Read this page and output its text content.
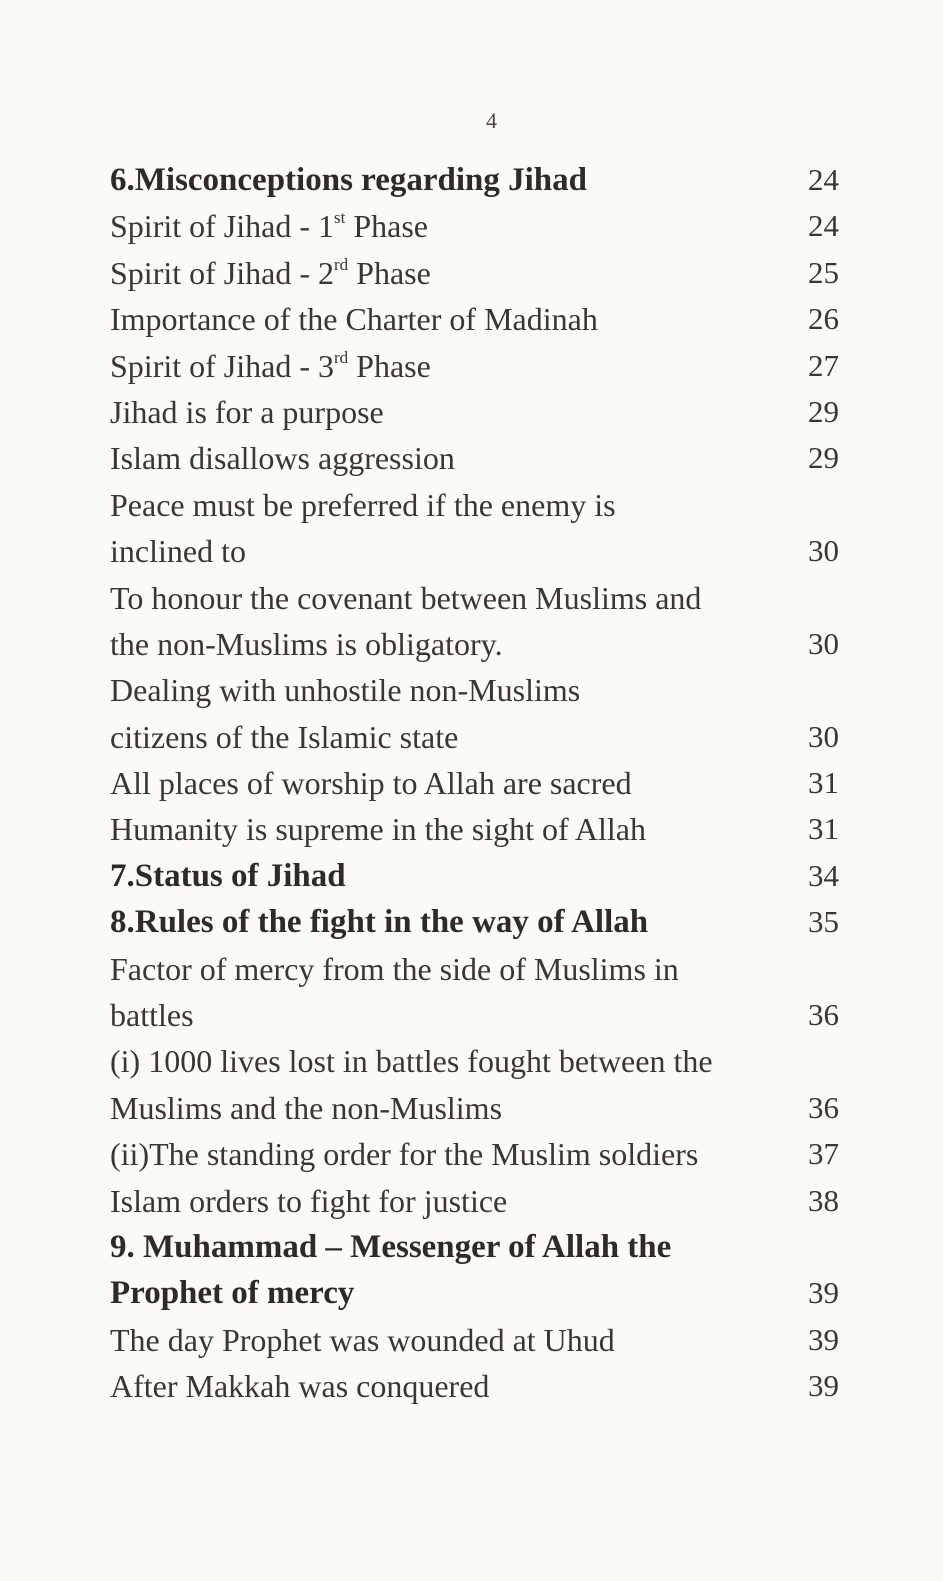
4
6.Misconceptions regarding Jihad	24
Spirit of Jihad - 1st Phase	24
Spirit of Jihad - 2rd Phase	25
Importance of the Charter of Madinah	26
Spirit of Jihad - 3rd Phase	27
Jihad is for a purpose	29
Islam disallows aggression	29
Peace must be preferred if the enemy is
inclined to	30
To honour the covenant between Muslims and
the non-Muslims is obligatory.	30
Dealing with unhostile non-Muslims
citizens of the Islamic state	30
All places of worship to Allah are sacred	31
Humanity is supreme in the sight of Allah	31
7.Status of Jihad	34
8.Rules of the fight in the way of Allah	35
Factor of mercy from the side of Muslims in
battles	36
(i) 1000 lives lost in battles fought between the
Muslims and the non-Muslims	36
(ii)The standing order for the Muslim soldiers	37
Islam orders to fight for justice	38
9. Muhammad – Messenger of Allah the
Prophet of mercy	39
The day Prophet was wounded at Uhud	39
After Makkah was conquered	39
